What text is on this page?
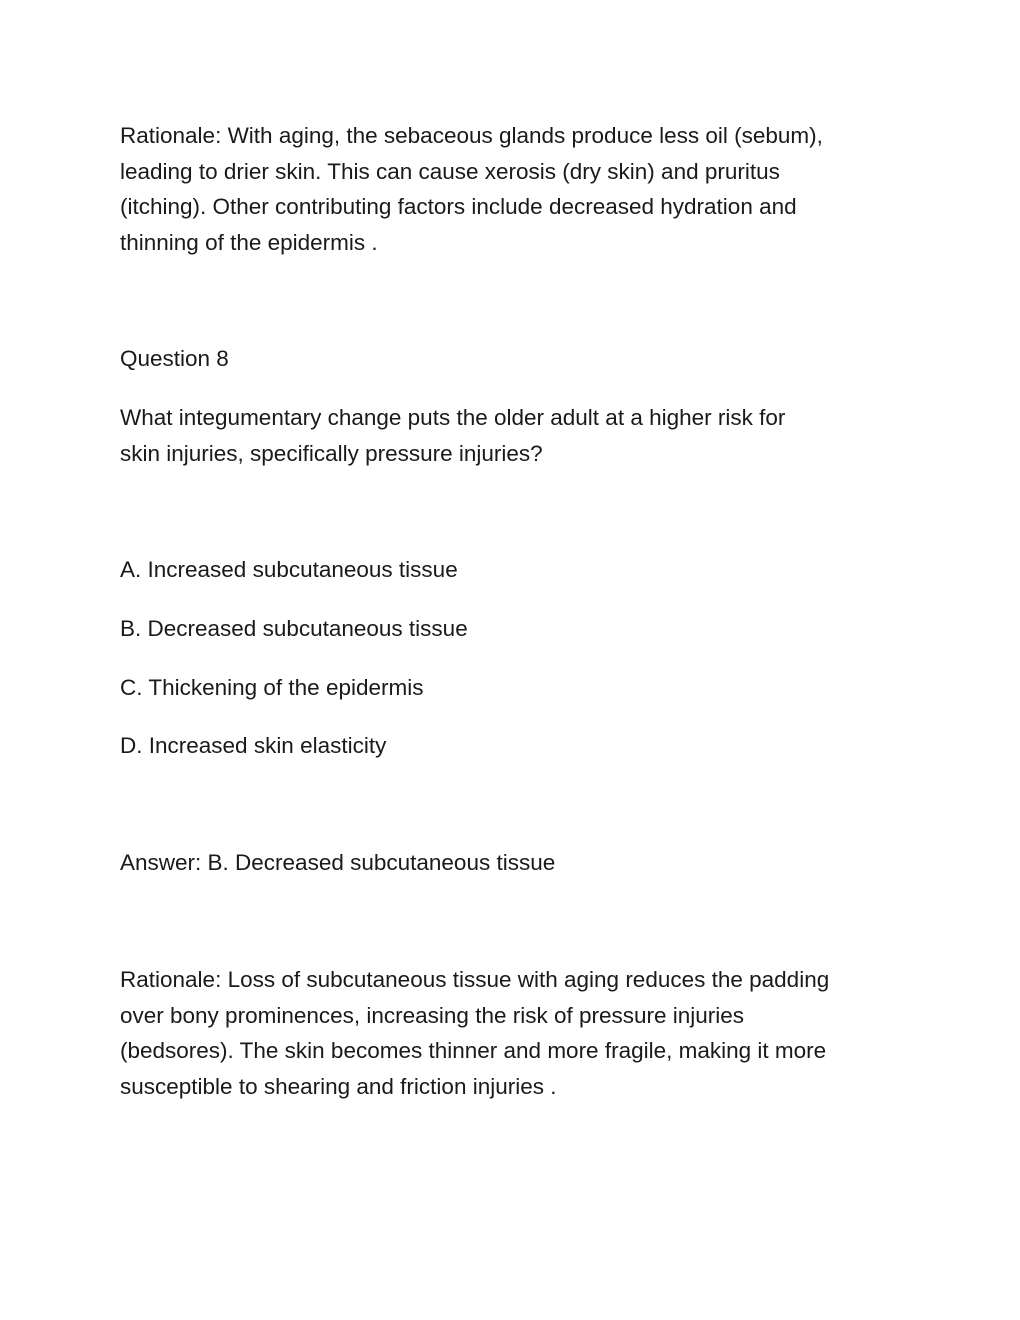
Rationale: With aging, the sebaceous glands produce less oil (sebum),
leading to drier skin. This can cause xerosis (dry skin) and pruritus
(itching). Other contributing factors include decreased hydration and
thinning of the epidermis .

Question 8

What integumentary change puts the older adult at a higher risk for
skin injuries, specifically pressure injuries?

A. Increased subcutaneous tissue

B. Decreased subcutaneous tissue

C. Thickening of the epidermis

D. Increased skin elasticity

Answer: B. Decreased subcutaneous tissue

Rationale: Loss of subcutaneous tissue with aging reduces the padding
over bony prominences, increasing the risk of pressure injuries
(bedsores). The skin becomes thinner and more fragile, making it more
susceptible to shearing and friction injuries .
